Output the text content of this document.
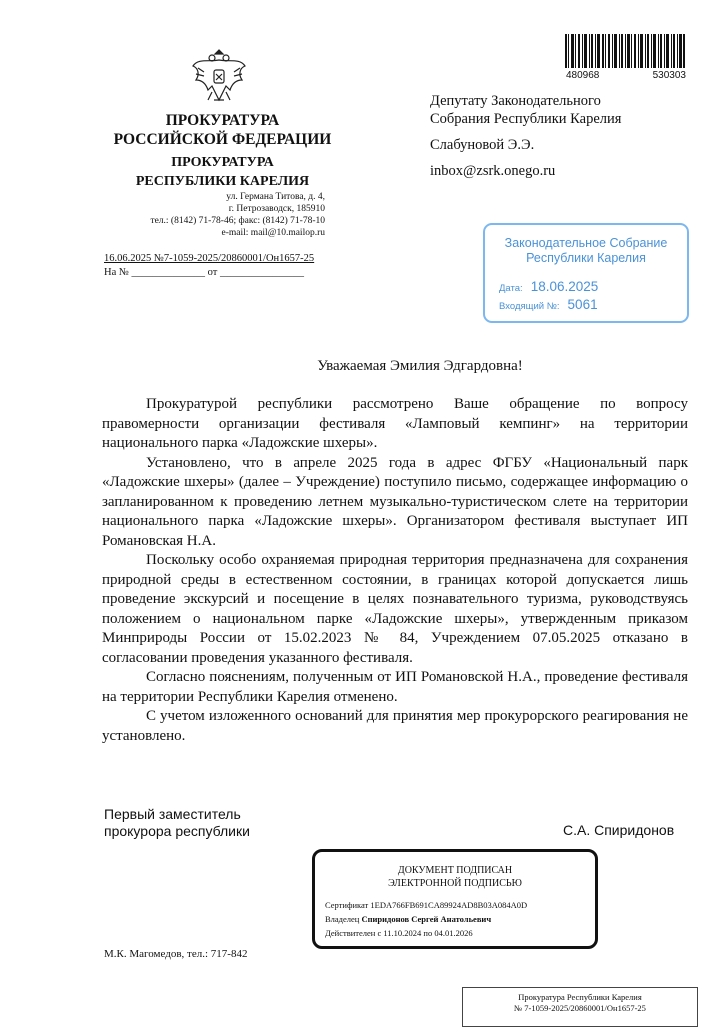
ПРОКУРАТУРА
РОССИЙСКОЙ ФЕДЕРАЦИИ
ПРОКУРАТУРА
РЕСПУБЛИКИ КАРЕЛИЯ
ул. Германа Титова, д. 4,
г. Петрозаводск, 185910
тел.: (8142) 71-78-46; факс: (8142) 71-78-10
e-mail: mail@10.mailop.ru
16.06.2025 №7-1059-2025/20860001/Он1657-25
На № ______________ от ________________
480968	530303
Депутату Законодательного
Собрания Республики Карелия
Слабуновой Э.Э.
inbox@zsrk.onego.ru
Законодательное Собрание
Республики Карелия
Дата: 18.06.2025
Входящий №: 5061
Уважаемая Эмилия Эдгардовна!

Прокуратурой республики рассмотрено Ваше обращение по вопросу правомерности организации фестиваля «Ламповый кемпинг» на территории национального парка «Ладожские шхеры».

Установлено, что в апреле 2025 года в адрес ФГБУ «Национальный парк «Ладожские шхеры» (далее – Учреждение) поступило письмо, содержащее информацию о запланированном к проведению летнем музыкально-туристическом слете на территории национального парка «Ладожские шхеры». Организатором фестиваля выступает ИП Романовская Н.А.

Поскольку особо охраняемая природная территория предназначена для сохранения природной среды в естественном состоянии, в границах которой допускается лишь проведение экскурсий и посещение в целях познавательного туризма, руководствуясь положением о национальном парке «Ладожские шхеры», утвержденным приказом Минприроды России от 15.02.2023 № 84, Учреждением 07.05.2025 отказано в согласовании проведения указанного фестиваля.

Согласно пояснениям, полученным от ИП Романовской Н.А., проведение фестиваля на территории Республики Карелия отменено.

С учетом изложенного оснований для принятия мер прокурорского реагирования не установлено.

Первый заместитель
прокурора республики	С.А. Спиридонов
ДОКУМЕНТ ПОДПИСАН
ЭЛЕКТРОННОЙ ПОДПИСЬЮ
Сертификат 1EDA766FB691CA89924AD8B03A084A0D
Владелец Спиридонов Сергей Анатольевич
Действителен с 11.10.2024 по 04.01.2026
М.К. Магомедов, тел.: 717-842
Прокуратура Республики Карелия
№ 7-1059-2025/20860001/Он1657-25
